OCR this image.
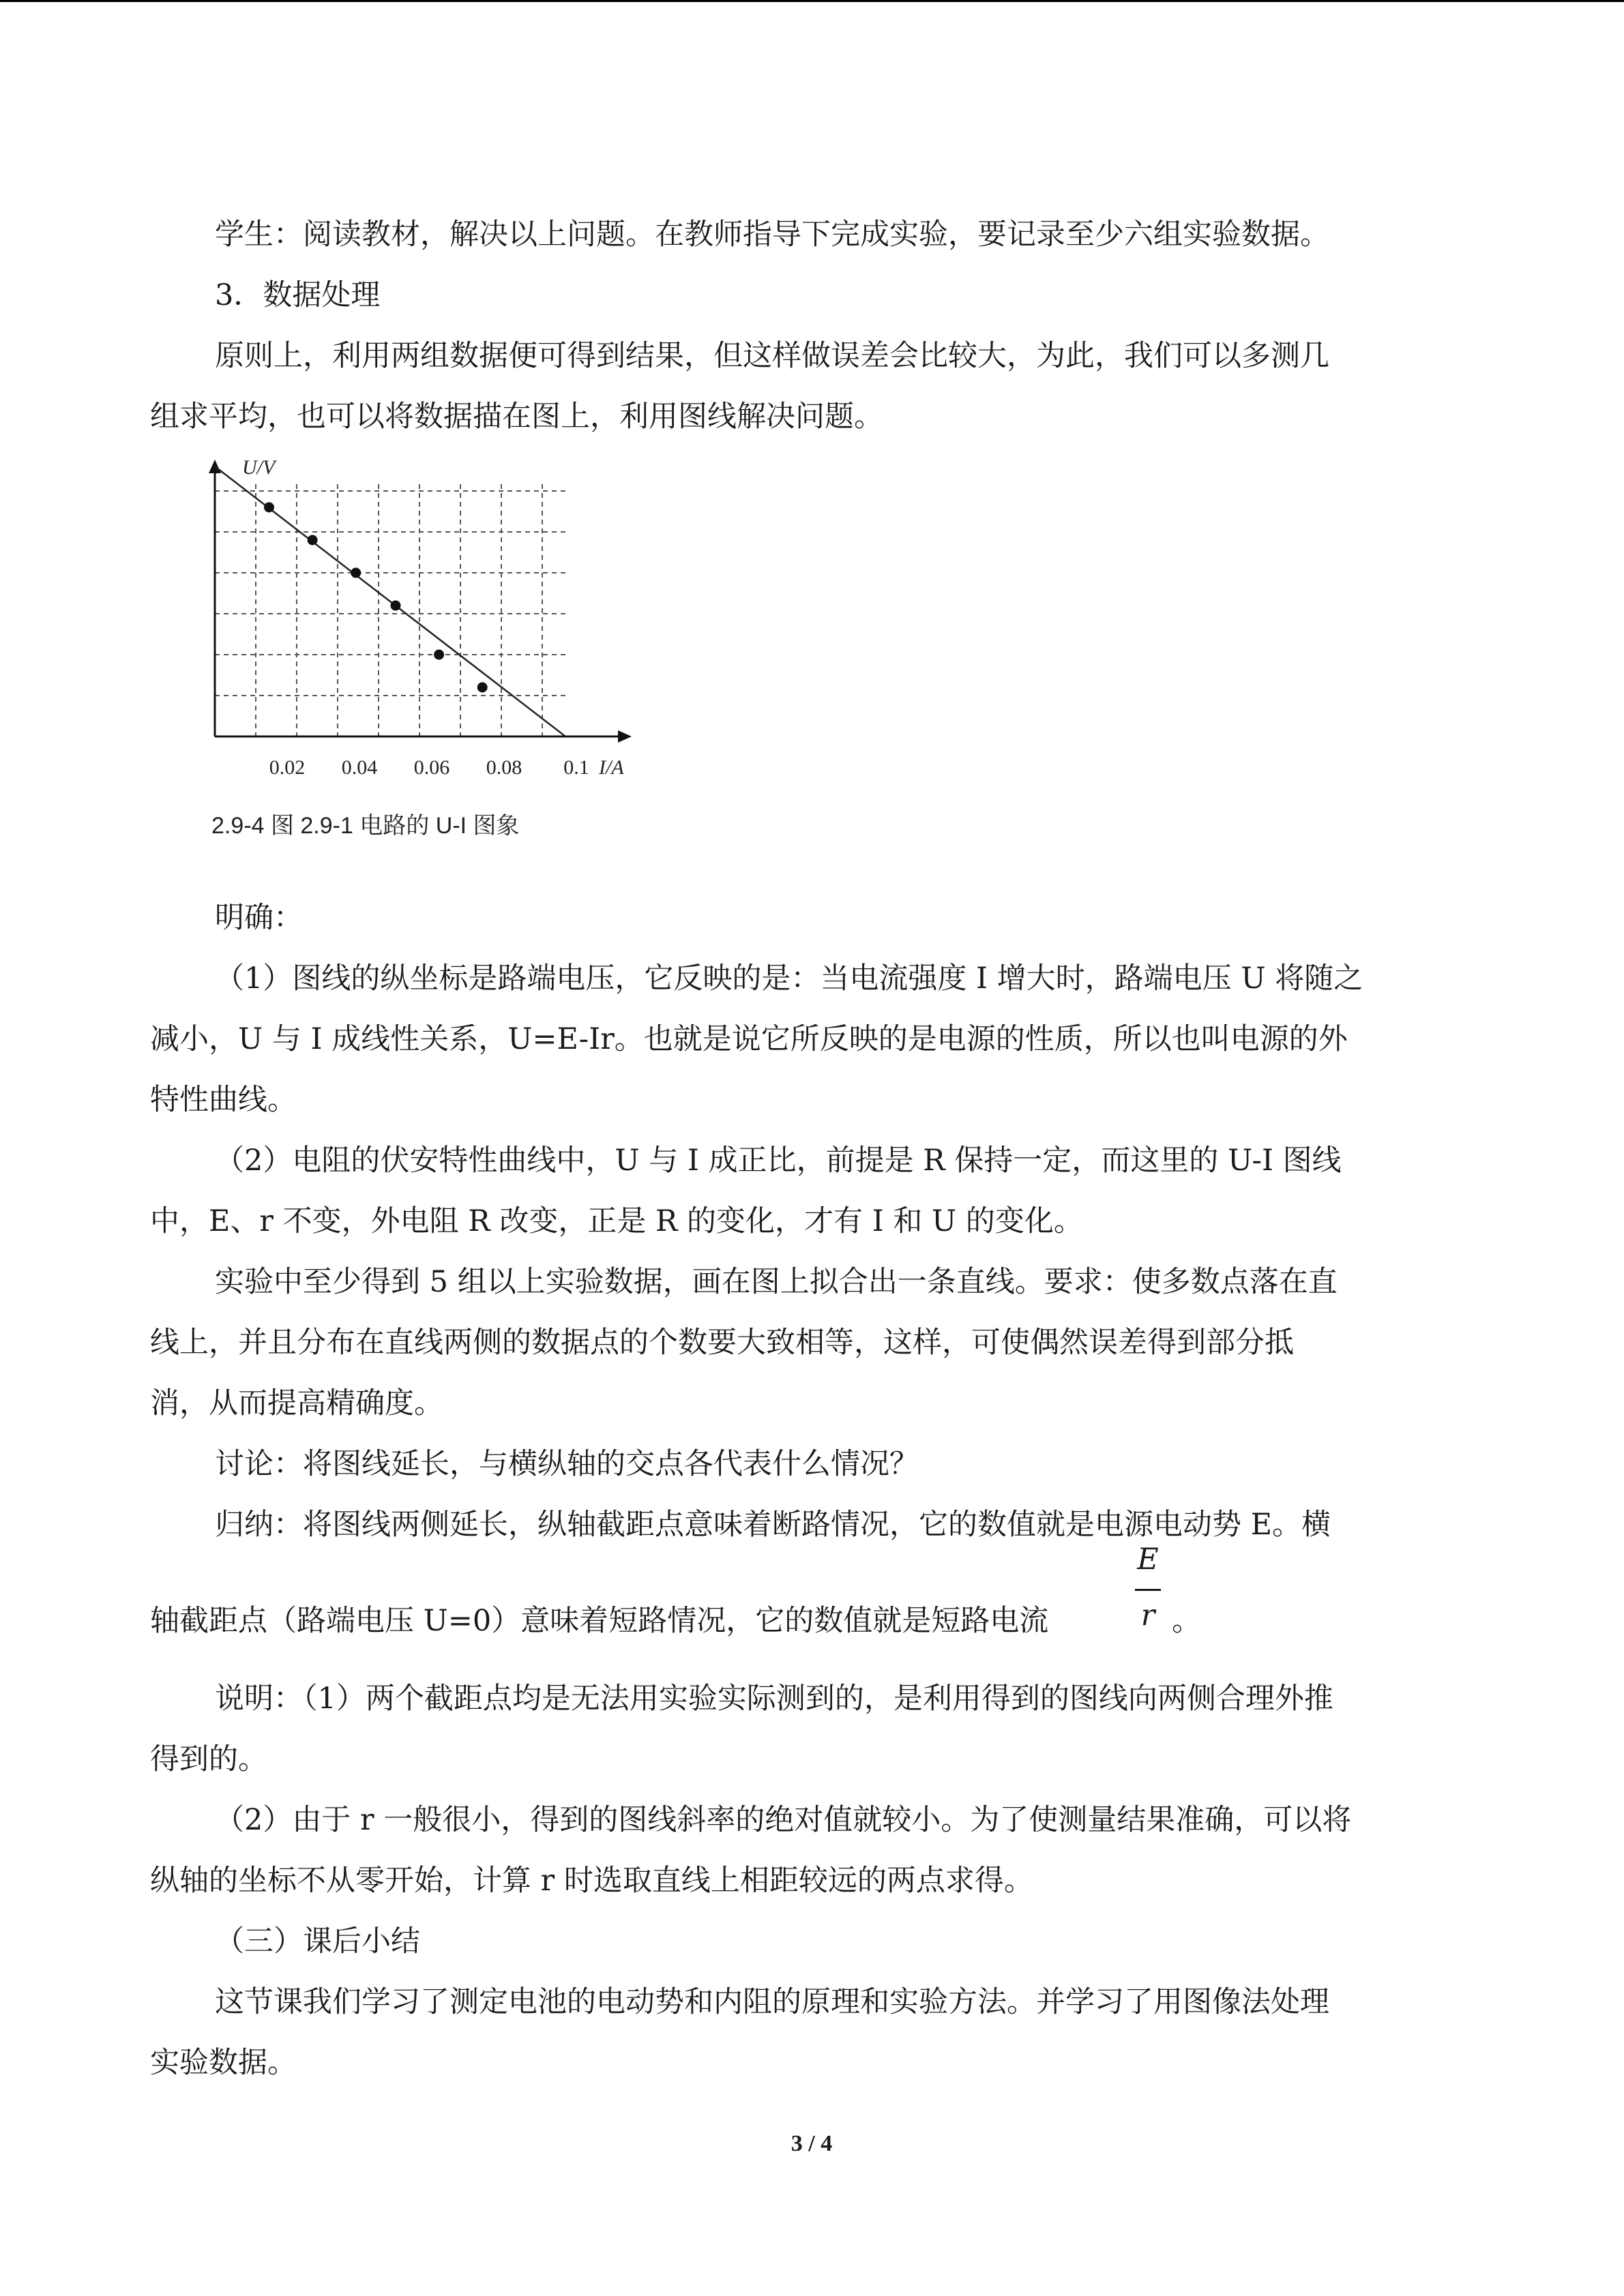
学生：阅读教材，解决以上问题。在教师指导下完成实验，要记录至少六组实验数据。

3．数据处理

原则上，利用两组数据便可得到结果，但这样做误差会比较大，为此，我们可以多测几

组求平均，也可以将数据描在图上，利用图线解决问题。

0.02 0.04 0.06 0.08 0.1
U/V
I/A
2.9-4 图 2.9-1 电路的 U-I 图象

明确：

（1）图线的纵坐标是路端电压，它反映的是：当电流强度 I 增大时，路端电压 U 将随之

减小，U 与 I 成线性关系，U=E-Ir。也就是说它所反映的是电源的性质，所以也叫电源的外

特性曲线。

（2）电阻的伏安特性曲线中，U 与 I 成正比，前提是 R 保持一定，而这里的 U-I 图线

中，E、r 不变，外电阻 R 改变，正是 R 的变化，才有 I 和 U 的变化。

实验中至少得到 5 组以上实验数据，画在图上拟合出一条直线。要求：使多数点落在直

线上，并且分布在直线两侧的数据点的个数要大致相等，这样，可使偶然误差得到部分抵

消，从而提高精确度。

讨论：将图线延长，与横纵轴的交点各代表什么情况？

归纳：将图线两侧延长，纵轴截距点意味着断路情况，它的数值就是电源电动势 E。横

轴截距点（路端电压 U=0）意味着短路情况，它的数值就是短路电流

E
r 。

说明：（1）两个截距点均是无法用实验实际测到的，是利用得到的图线向两侧合理外推

得到的。

（2）由于 r 一般很小，得到的图线斜率的绝对值就较小。为了使测量结果准确，可以将

纵轴的坐标不从零开始，计算 r 时选取直线上相距较远的两点求得。

（三）课后小结

这节课我们学习了测定电池的电动势和内阻的原理和实验方法。并学习了用图像法处理

实验数据。

3 / 4
